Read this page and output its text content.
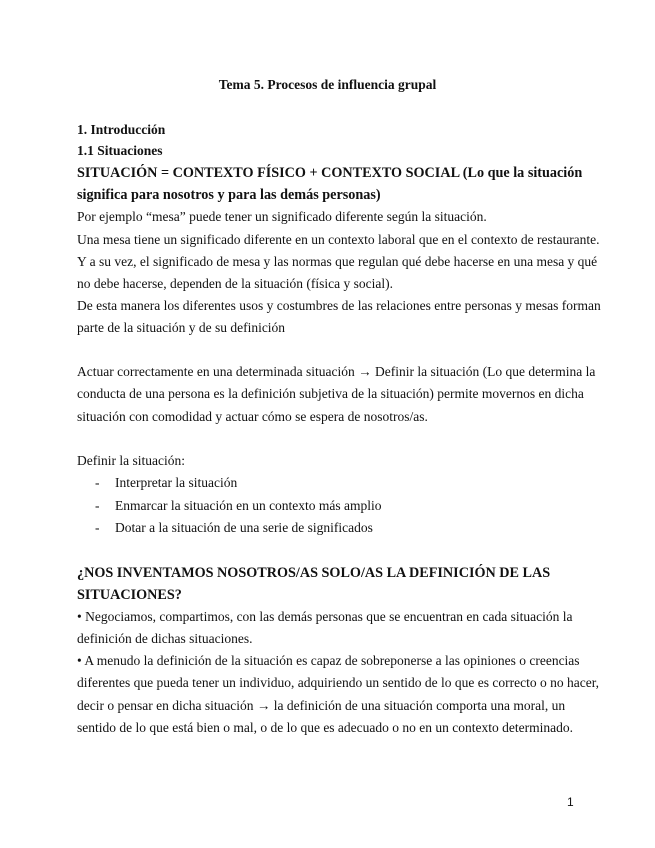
Tema 5. Procesos de influencia grupal
1. Introducción
1.1 Situaciones
SITUACIÓN = CONTEXTO FÍSICO + CONTEXTO SOCIAL (Lo que la situación
significa para nosotros y para las demás personas)
Por ejemplo “mesa” puede tener un significado diferente según la situación.
Una mesa tiene un significado diferente en un contexto laboral que en el contexto de restaurante.
Y a su vez, el significado de mesa y las normas que regulan qué debe hacerse en una mesa y qué
no debe hacerse, dependen de la situación (física y social).
De esta manera los diferentes usos y costumbres de las relaciones entre personas y mesas forman
parte de la situación y de su definición
Actuar correctamente en una determinada situación → Definir la situación (Lo que determina la
conducta de una persona es la definición subjetiva de la situación) permite movernos en dicha
situación con comodidad y actuar cómo se espera de nosotros/as.
Definir la situación:
- Interpretar la situación
- Enmarcar la situación en un contexto más amplio
- Dotar a la situación de una serie de significados
¿NOS INVENTAMOS NOSOTROS/AS SOLO/AS LA DEFINICIÓN DE LAS
SITUACIONES?
• Negociamos, compartimos, con las demás personas que se encuentran en cada situación la
definición de dichas situaciones.
• A menudo la definición de la situación es capaz de sobreponerse a las opiniones o creencias
diferentes que pueda tener un individuo, adquiriendo un sentido de lo que es correcto o no hacer,
decir o pensar en dicha situación → la definición de una situación comporta una moral, un
sentido de lo que está bien o mal, o de lo que es adecuado o no en un contexto determinado.
1
